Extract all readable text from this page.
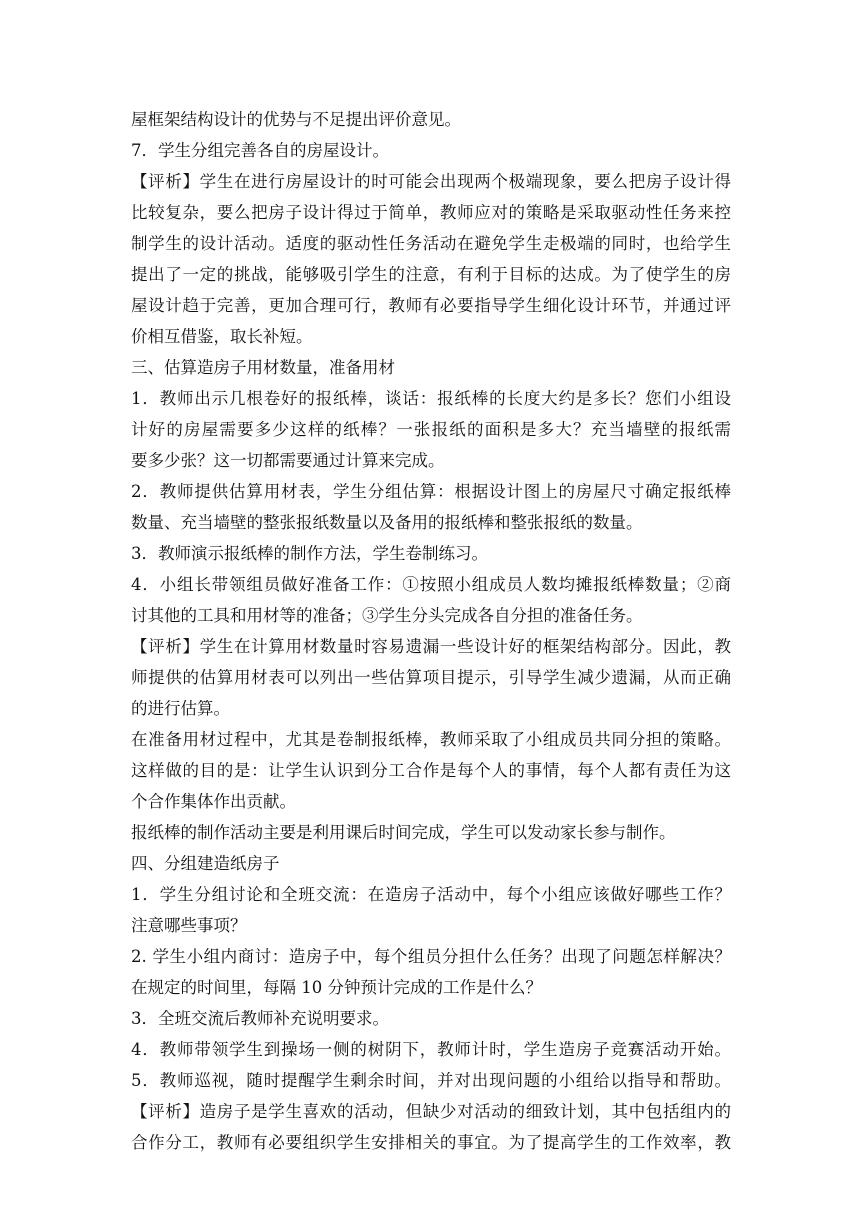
屋框架结构设计的优势与不足提出评价意见。
7．学生分组完善各自的房屋设计。
【评析】学生在进行房屋设计的时可能会出现两个极端现象，要么把房子设计得
比较复杂，要么把房子设计得过于简单，教师应对的策略是采取驱动性任务来控
制学生的设计活动。适度的驱动性任务活动在避免学生走极端的同时，也给学生
提出了一定的挑战，能够吸引学生的注意，有利于目标的达成。为了使学生的房
屋设计趋于完善，更加合理可行，教师有必要指导学生细化设计环节，并通过评
价相互借鉴，取长补短。
三、估算造房子用材数量，准备用材
1．教师出示几根卷好的报纸棒，谈话：报纸棒的长度大约是多长？您们小组设
计好的房屋需要多少这样的纸棒？一张报纸的面积是多大？充当墙壁的报纸需
要多少张？这一切都需要通过计算来完成。
2．教师提供估算用材表，学生分组估算：根据设计图上的房屋尺寸确定报纸棒
数量、充当墙壁的整张报纸数量以及备用的报纸棒和整张报纸的数量。
3．教师演示报纸棒的制作方法，学生卷制练习。
4．小组长带领组员做好准备工作：①按照小组成员人数均摊报纸棒数量；②商
讨其他的工具和用材等的准备；③学生分头完成各自分担的准备任务。
【评析】学生在计算用材数量时容易遗漏一些设计好的框架结构部分。因此，教
师提供的估算用材表可以列出一些估算项目提示，引导学生减少遗漏，从而正确
的进行估算。
在准备用材过程中，尤其是卷制报纸棒，教师采取了小组成员共同分担的策略。
这样做的目的是：让学生认识到分工合作是每个人的事情，每个人都有责任为这
个合作集体作出贡献。
报纸棒的制作活动主要是利用课后时间完成，学生可以发动家长参与制作。
四、分组建造纸房子
1．学生分组讨论和全班交流：在造房子活动中，每个小组应该做好哪些工作？
注意哪些事项？
2. 学生小组内商讨：造房子中，每个组员分担什么任务？出现了问题怎样解决？
在规定的时间里，每隔 10 分钟预计完成的工作是什么？
3．全班交流后教师补充说明要求。
4．教师带领学生到操场一侧的树阴下，教师计时，学生造房子竞赛活动开始。
5．教师巡视，随时提醒学生剩余时间，并对出现问题的小组给以指导和帮助。
【评析】造房子是学生喜欢的活动，但缺少对活动的细致计划，其中包括组内的
合作分工，教师有必要组织学生安排相关的事宜。为了提高学生的工作效率，教
